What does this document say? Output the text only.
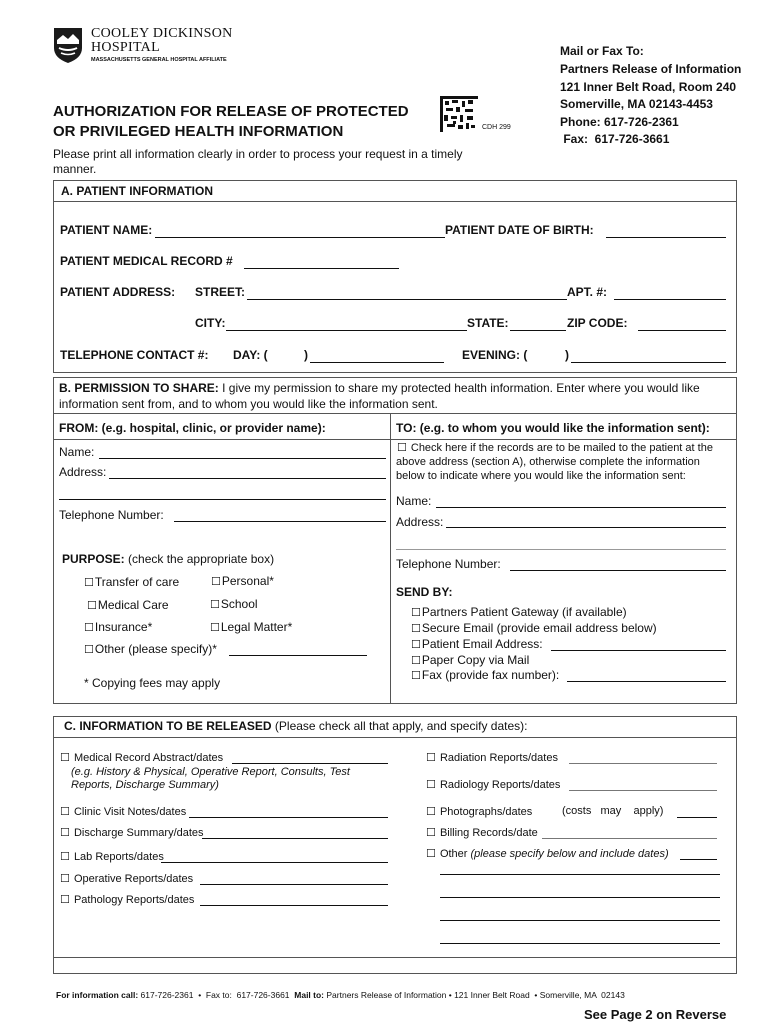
COOLEY DICKINSON
HOSPITAL
MASSACHUSETTS GENERAL HOSPITAL AFFILIATE
AUTHORIZATION FOR RELEASE OF PROTECTED
OR PRIVILEGED HEALTH INFORMATION	CDH 299
Mail or Fax To:
Partners Release of Information
121 Inner Belt Road, Room 240
Somerville, MA 02143-4453
Phone: 617-726-2361
Fax:  617-726-3661
Please print all information clearly in order to process your request in a timely manner.
A. PATIENT INFORMATION
PATIENT NAME:	PATIENT DATE OF BIRTH:
PATIENT MEDICAL RECORD #
PATIENT ADDRESS: STREET:	APT. #:
CITY:	STATE:	ZIP CODE:
TELEPHONE CONTACT #: DAY: (	)	EVENING: (	)
B. PERMISSION TO SHARE: I give my permission to share my protected health information. Enter where you would like information sent from, and to whom you would like the information sent.
FROM: (e.g. hospital, clinic, or provider name):
Name:
Address:
Telephone Number:
PURPOSE: (check the appropriate box)
☐Transfer of care	☐Personal*
☐Medical Care	☐School
☐Insurance*	☐Legal Matter*
☐Other (please specify)*
* Copying fees may apply
TO: (e.g. to whom you would like the information sent):
☐ Check here if the records are to be mailed to the patient at the above address (section A), otherwise complete the information below to indicate where you would like the information sent:
Name:
Address:
Telephone Number:
SEND BY:
☐Partners Patient Gateway (if available)
☐Secure Email (provide email address below)
☐Patient Email Address:
☐Paper Copy via Mail
☐Fax (provide fax number):
C. INFORMATION TO BE RELEASED (Please check all that apply, and specify dates):
☐ Medical Record Abstract/dates
(e.g. History & Physical, Operative Report, Consults, Test
Reports, Discharge Summary)
☐ Clinic Visit Notes/dates
☐ Discharge Summary/dates
☐ Lab Reports/dates
☐ Operative Reports/dates
☐ Pathology Reports/dates
☐ Radiation Reports/dates
☐ Radiology Reports/dates
☐ Photographs/dates	(costs   may    apply)
☐ Billing Records/date
☐ Other (please specify below and include dates)
For information call: 617-726-2361  •  Fax to:  617-726-3661  Mail to: Partners Release of Information • 121 Inner Belt Road  • Somerville, MA  02143
See Page 2 on Reverse
